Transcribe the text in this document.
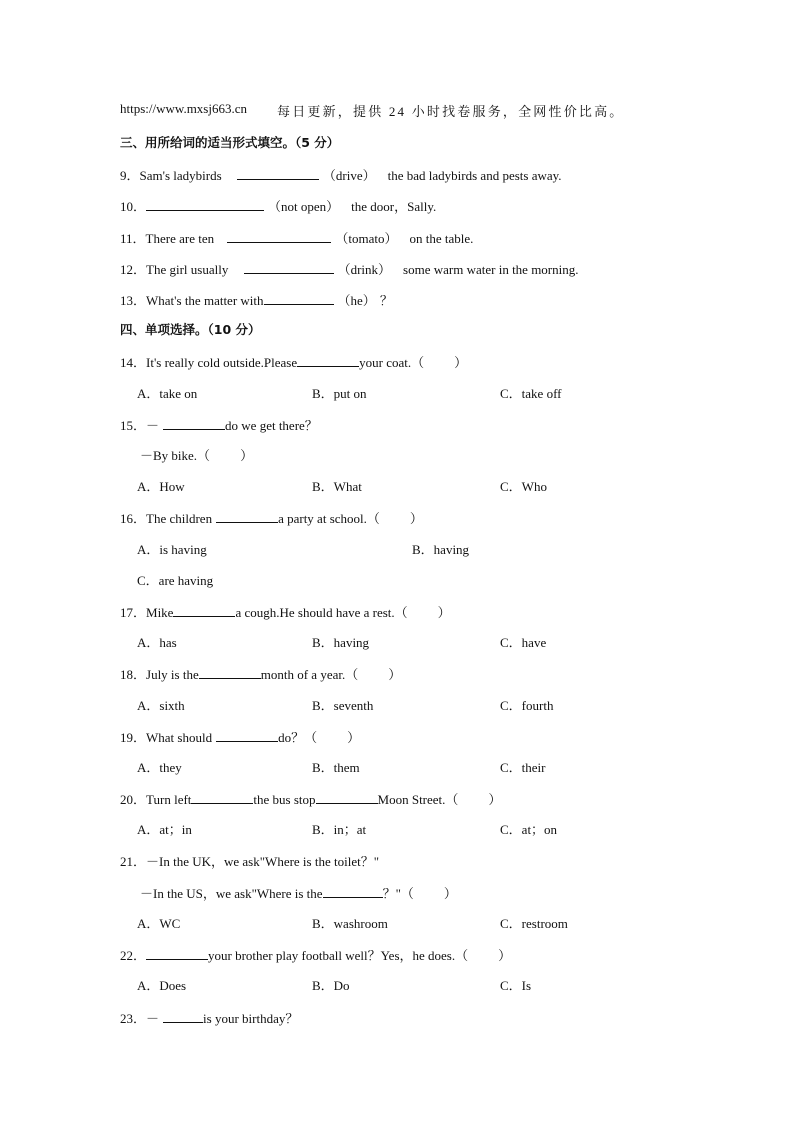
https://www.mxsj663.cn 每日更新，提供 24 小时找卷服务，全网性价比高。
三、用所给词的适当形式填空。（5 分）
9．Sam's ladybirds	（drive） the bad ladybirds and pests away.
10．	（not open） the door，Sally.
11．There are ten	（tomato） on the table.
12．The girl usually	（drink） some warm water in the morning.
13．What's the matter with	（he） ？
四、单项选择。（10 分）
14．It's really cold outside.Please	your coat.（ ）
A．take on	B．put on	C．take off
15．－	do we get there？
－By bike.（ ）
A．How	B．What	C．Who
16．The children	a party at school.（ ）
A．is having	B．having
C．are having
17．Mike	a cough.He should have a rest.（ ）
A．has	B．having	C．have
18．July is the	month of a year.（ ）
A．sixth	B．seventh	C．fourth
19．What should	do？（ ）
A．they	B．them	C．their
20．Turn left	the bus stop	Moon Street.（ ）
A．at；in	B．in；at	C．at；on
21．－In the UK，we ask"Where is the toilet？"
－In the US，we ask"Where is the	？"（ ）
A．WC	B．washroom	C．restroom
22．	your brother play football well？Yes，he does.（ ）
A．Does	B．Do	C．Is
23．－	is your birthday？
